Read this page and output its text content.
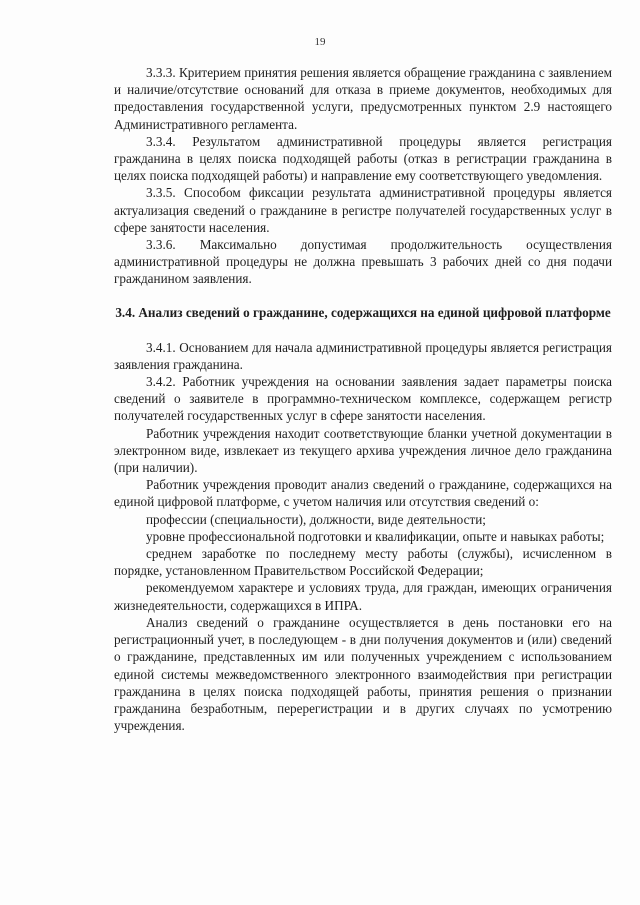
19

3.3.3. Критерием принятия решения является обращение гражданина с заявлением и наличие/отсутствие оснований для отказа в приеме документов, необходимых для предоставления государственной услуги, предусмотренных пунктом 2.9 настоящего Административного регламента.

3.3.4. Результатом административной процедуры является регистрация гражданина в целях поиска подходящей работы (отказ в регистрации гражданина в целях поиска подходящей работы) и направление ему соответствующего уведомления.

3.3.5. Способом фиксации результата административной процедуры является актуализация сведений о гражданине в регистре получателей государственных услуг в сфере занятости населения.

3.3.6. Максимально допустимая продолжительность осуществления административной процедуры не должна превышать 3 рабочих дней со дня подачи гражданином заявления.

3.4. Анализ сведений о гражданине, содержащихся на единой цифровой платформе

3.4.1. Основанием для начала административной процедуры является регистрация заявления гражданина.

3.4.2. Работник учреждения на основании заявления задает параметры поиска сведений о заявителе в программно-техническом комплексе, содержащем регистр получателей государственных услуг в сфере занятости населения.

Работник учреждения находит соответствующие бланки учетной документации в электронном виде, извлекает из текущего архива учреждения личное дело гражданина (при наличии).

Работник учреждения проводит анализ сведений о гражданине, содержащихся на единой цифровой платформе, с учетом наличия или отсутствия сведений о:

профессии (специальности), должности, виде деятельности;

уровне профессиональной подготовки и квалификации, опыте и навыках работы;

среднем заработке по последнему месту работы (службы), исчисленном в порядке, установленном Правительством Российской Федерации;

рекомендуемом характере и условиях труда, для граждан, имеющих ограничения жизнедеятельности, содержащихся в ИПРА.

Анализ сведений о гражданине осуществляется в день постановки его на регистрационный учет, в последующем - в дни получения документов и (или) сведений о гражданине, представленных им или полученных учреждением с использованием единой системы межведомственного электронного взаимодействия при регистрации гражданина в целях поиска подходящей работы, принятия решения о признании гражданина безработным, перерегистрации и в других случаях по усмотрению учреждения.
